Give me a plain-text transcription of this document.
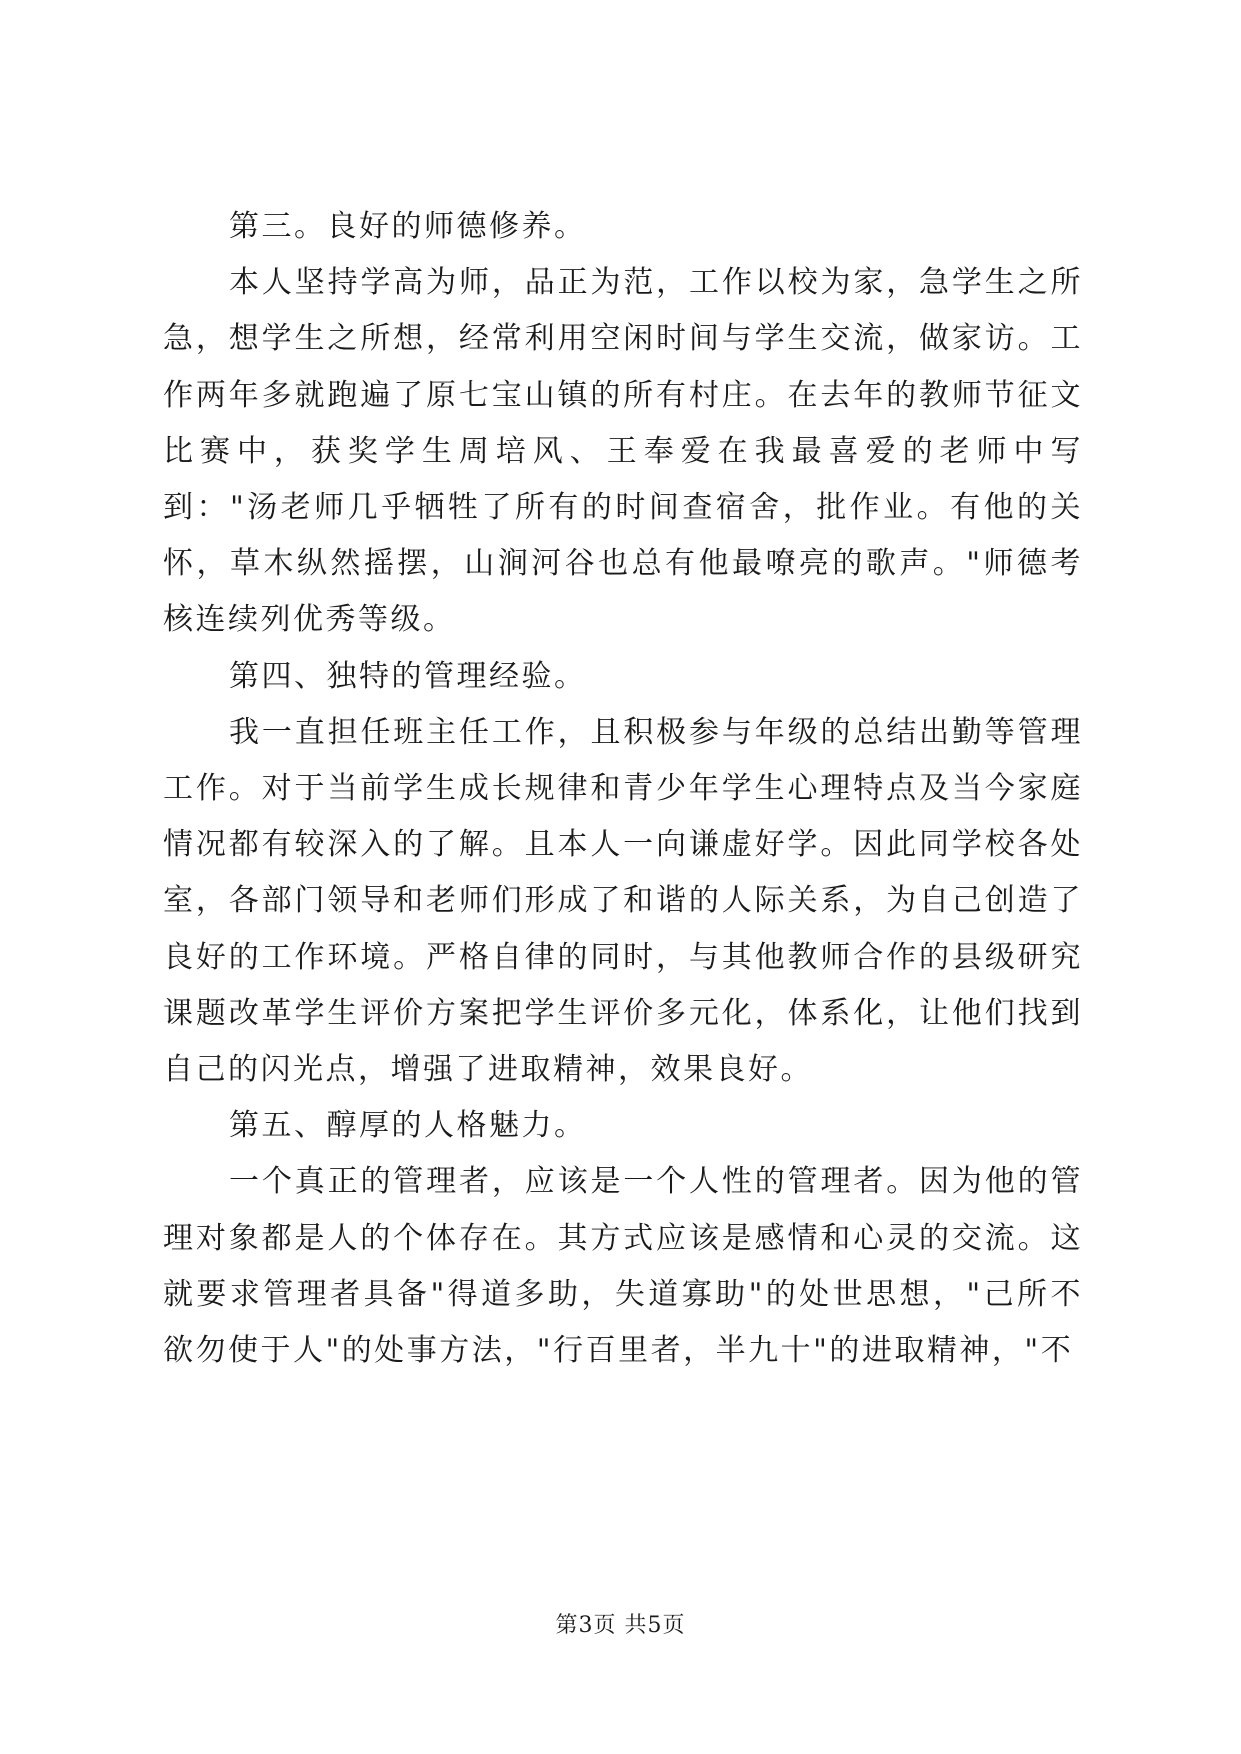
第三。良好的师德修养。

本人坚持学高为师，品正为范，工作以校为家，急学生之所急，想学生之所想，经常利用空闲时间与学生交流，做家访。工作两年多就跑遍了原七宝山镇的所有村庄。在去年的教师节征文比赛中，获奖学生周培风、王奉爱在我最喜爱的老师中写到："汤老师几乎牺牲了所有的时间查宿舍，批作业。有他的关怀，草木纵然摇摆，山涧河谷也总有他最嘹亮的歌声。"师德考核连续列优秀等级。

第四、独特的管理经验。

我一直担任班主任工作，且积极参与年级的总结出勤等管理工作。对于当前学生成长规律和青少年学生心理特点及当今家庭情况都有较深入的了解。且本人一向谦虚好学。因此同学校各处室，各部门领导和老师们形成了和谐的人际关系，为自己创造了良好的工作环境。严格自律的同时，与其他教师合作的县级研究课题改革学生评价方案把学生评价多元化，体系化，让他们找到自己的闪光点，增强了进取精神，效果良好。

第五、醇厚的人格魅力。

一个真正的管理者，应该是一个人性的管理者。因为他的管理对象都是人的个体存在。其方式应该是感情和心灵的交流。这就要求管理者具备"得道多助，失道寡助"的处世思想，"己所不欲勿使于人"的处事方法，"行百里者，半九十"的进取精神，"不

第3页 共5页
